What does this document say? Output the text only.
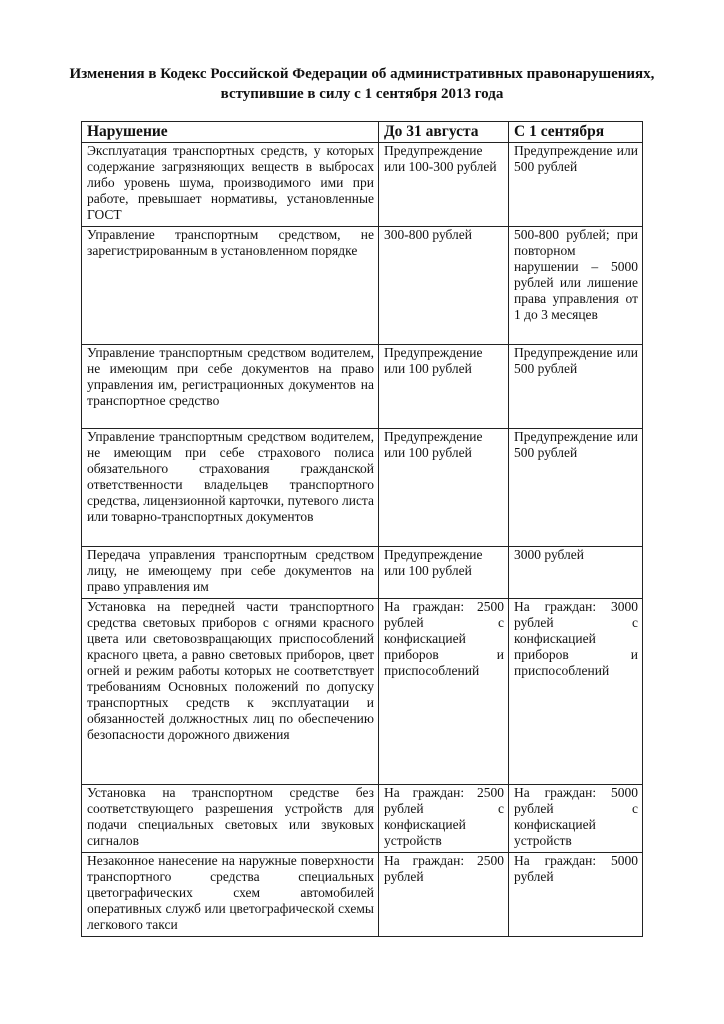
Изменения в Кодекс Российской Федерации об административных правонарушениях, вступившие в силу с 1 сентября 2013 года
Нарушение	До 31 августа	С 1 сентября
Эксплуатация транспортных средств, у которых содержание загрязняющих веществ в выбросах либо уровень шума, производимого ими при работе, превышает нормативы, установленные ГОСТ	Предупреждение или 100-300 рублей	Предупреждение или 500 рублей
Управление транспортным средством, не зарегистрированным в установленном порядке	300-800 рублей	500-800 рублей; при повторном нарушении – 5000 рублей или лишение права управления от 1 до 3 месяцев
Управление транспортным средством водителем, не имеющим при себе документов на право управления им, регистрационных документов на транспортное средство	Предупреждение или 100 рублей	Предупреждение или 500 рублей
Управление транспортным средством водителем, не имеющим при себе страхового полиса обязательного страхования гражданской ответственности владельцев транспортного средства, лицензионной карточки, путевого листа или товарно-транспортных документов	Предупреждение или 100 рублей	Предупреждение или 500 рублей
Передача управления транспортным средством лицу, не имеющему при себе документов на право управления им	Предупреждение или 100 рублей	3000 рублей
Установка на передней части транспортного средства световых приборов с огнями красного цвета или световозвращающих приспособлений красного цвета, а равно световых приборов, цвет огней и режим работы которых не соответствует требованиям Основных положений по допуску транспортных средств к эксплуатации и обязанностей должностных лиц по обеспечению безопасности дорожного движения	На граждан: 2500 рублей с конфискацией приборов и приспособлений	На граждан: 3000 рублей с конфискацией приборов и приспособлений
Установка на транспортном средстве без соответствующего разрешения устройств для подачи специальных световых или звуковых сигналов	На граждан: 2500 рублей с конфискацией устройств	На граждан: 5000 рублей с конфискацией устройств
Незаконное нанесение на наружные поверхности транспортного средства специальных цветографических схем автомобилей оперативных служб или цветографической схемы легкового такси	На граждан: 2500 рублей	На граждан: 5000 рублей
